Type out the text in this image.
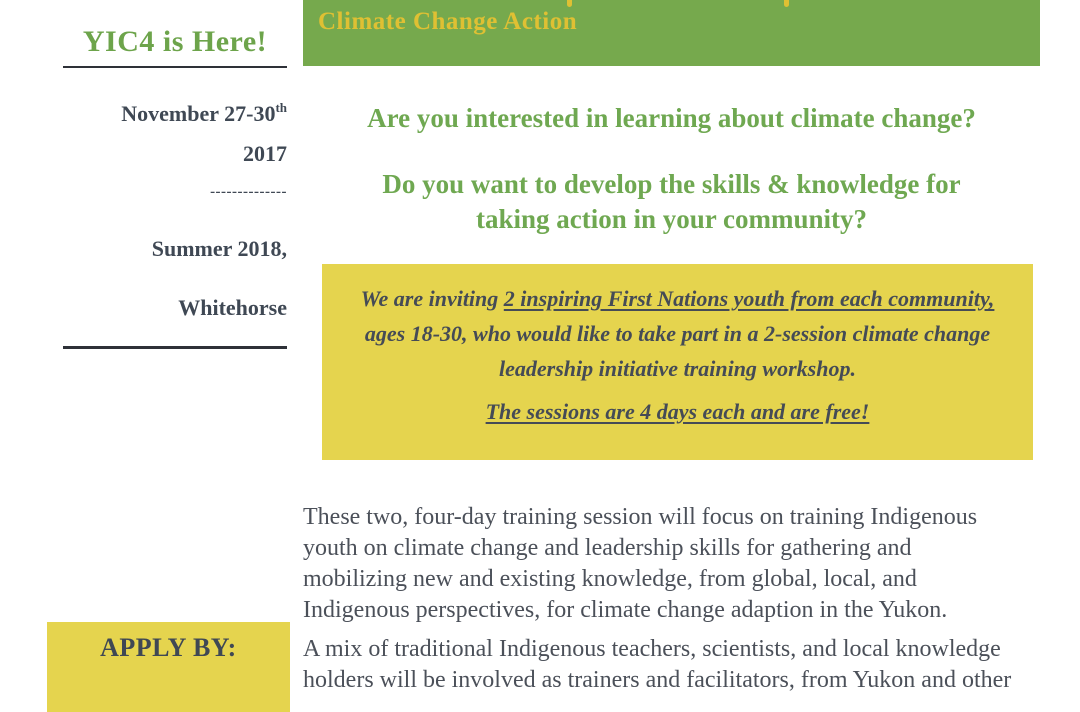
YIC4 is Here!

November 27-30th

2017

--------------

Summer 2018,

Whitehorse

APPLY BY:
Climate Change Action
Are you interested in learning about climate change?

Do you want to develop the skills & knowledge for

taking action in your community?

We are inviting 2 inspiring First Nations youth from each community,

ages 18-30, who would like to take part in a 2-session climate change

leadership initiative training workshop.

The sessions are 4 days each and are free!

These two, four-day training session will focus on training Indigenous

youth on climate change and leadership skills for gathering and

mobilizing new and existing knowledge, from global, local, and

Indigenous perspectives, for climate change adaption in the Yukon.

A mix of traditional Indigenous teachers, scientists, and local knowledge

holders will be involved as trainers and facilitators, from Yukon and other
